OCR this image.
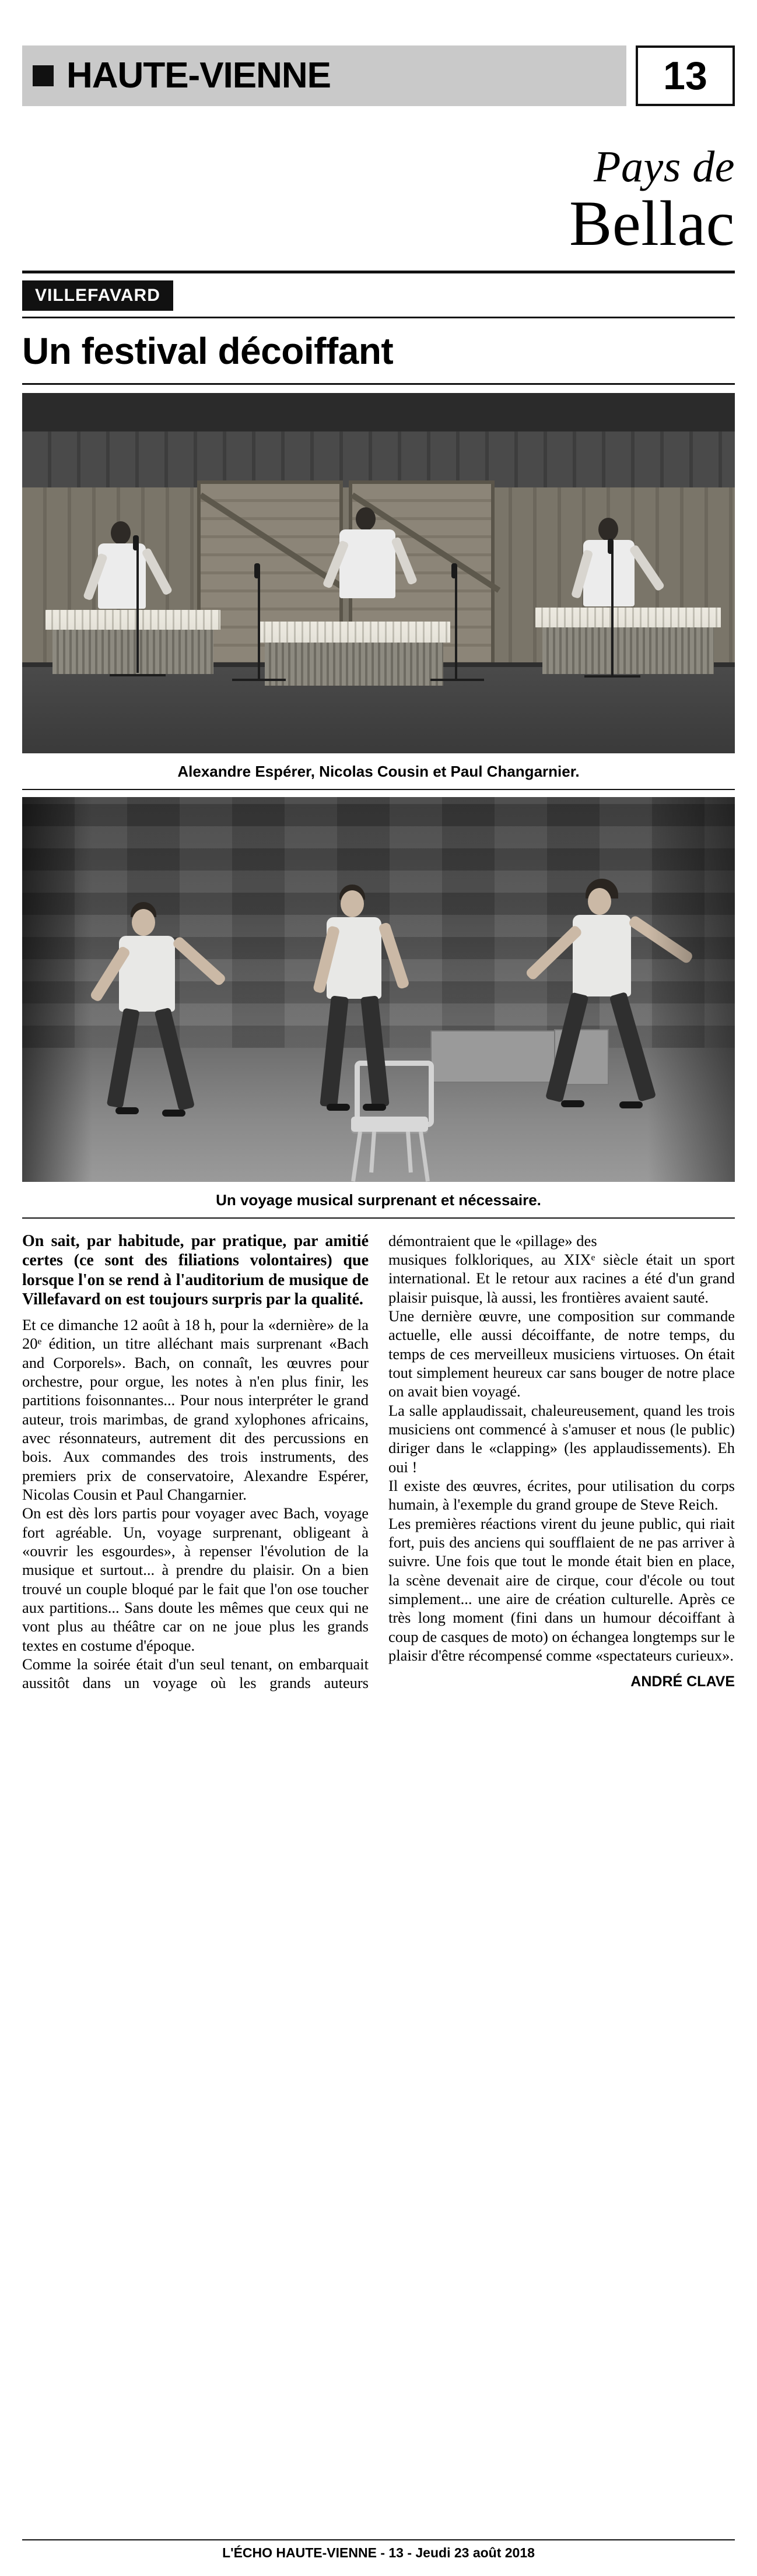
HAUTE-VIENNE	13
Pays de
Bellac
VILLEFAVARD
Un festival décoiffant
Alexandre Espérer, Nicolas Cousin et Paul Changarnier.
Un voyage musical surprenant et nécessaire.

On sait, par habitude, par pratique, par amitié certes (ce sont des filiations volontaires) que lorsque l'on se rend à l'auditorium de musique de Villefavard on est toujours surpris par la qualité.

Et ce dimanche 12 août à 18 h, pour la «dernière» de la 20ᵉ édition, un titre alléchant mais surprenant «Bach and Corporels». Bach, on connaît, les œuvres pour orchestre, pour orgue, les notes à n'en plus finir, les partitions foisonnantes... Pour nous interpréter le grand auteur, trois marimbas, de grand xylophones africains, avec résonnateurs, autrement dit des percussions en bois. Aux commandes des trois instruments, des premiers prix de conservatoire, Alexandre Espérer, Nicolas Cousin et Paul Changarnier.

On est dès lors partis pour voyager avec Bach, voyage fort agréable. Un, voyage surprenant, obligeant à «ouvrir les esgourdes», à repenser l'évolution de la musique et surtout... à prendre du plaisir. On a bien trouvé un couple bloqué par le fait que l'on ose toucher aux partitions... Sans doute les mêmes que ceux qui ne vont plus au théâtre car on ne joue plus les grands textes en costume d'époque.

Comme la soirée était d'un seul tenant, on embarquait aussitôt dans un voyage où les grands auteurs démontraient que le «pillage» des

musiques folkloriques, au XIXᵉ siècle était un sport international. Et le retour aux racines a été d'un grand plaisir puisque, là aussi, les frontières avaient sauté.

Une dernière œuvre, une composition sur commande actuelle, elle aussi décoiffante, de notre temps, du temps de ces merveilleux musiciens virtuoses. On était tout simplement heureux car sans bouger de notre place on avait bien voyagé.

La salle applaudissait, chaleureusement, quand les trois musiciens ont commencé à s'amuser et nous (le public) diriger dans le «clapping» (les applaudissements). Eh oui !

Il existe des œuvres, écrites, pour utilisation du corps humain, à l'exemple du grand groupe de Steve Reich.

Les premières réactions virent du jeune public, qui riait fort, puis des anciens qui soufflaient de ne pas arriver à suivre. Une fois que tout le monde était bien en place, la scène devenait aire de cirque, cour d'école ou tout simplement... une aire de création culturelle. Après ce très long moment (fini dans un humour décoiffant à coup de casques de moto) on échangea longtemps sur le plaisir d'être récompensé comme «spectateurs curieux».

ANDRÉ CLAVE

L'ÉCHO HAUTE-VIENNE - 13 - Jeudi 23 août 2018
